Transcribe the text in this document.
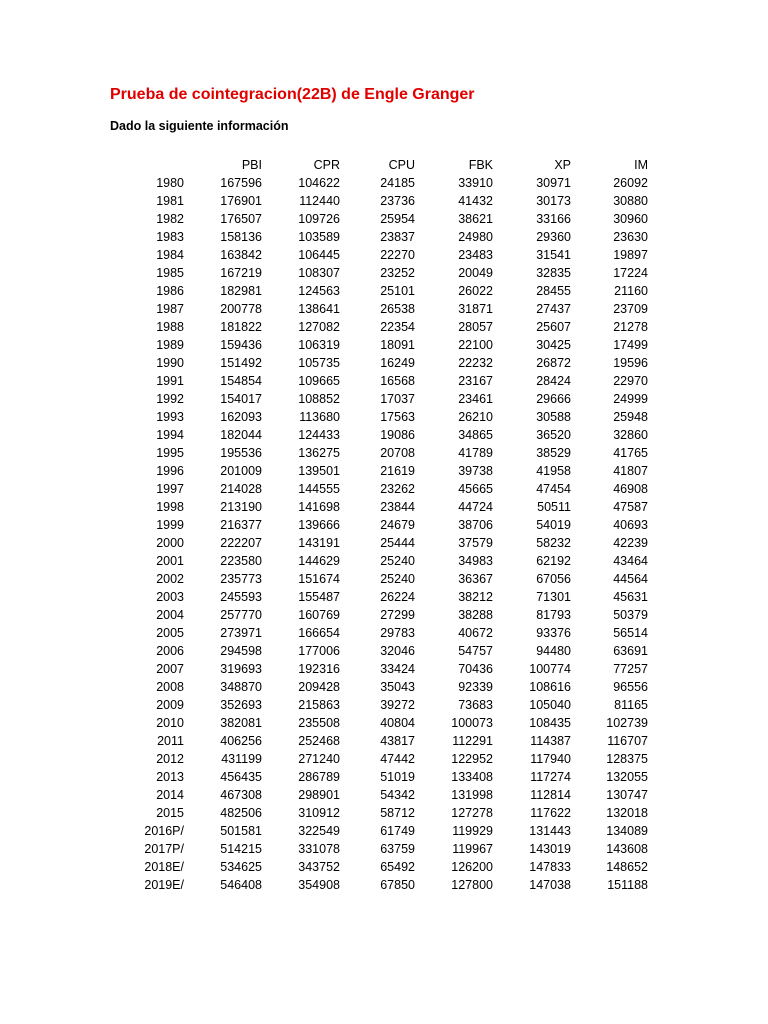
Prueba de cointegracion(22B) de Engle Granger

Dado la siguiente información

	PBI	CPR	CPU	FBK	XP	IM
1980	167596	104622	24185	33910	30971	26092
1981	176901	112440	23736	41432	30173	30880
1982	176507	109726	25954	38621	33166	30960
1983	158136	103589	23837	24980	29360	23630
1984	163842	106445	22270	23483	31541	19897
1985	167219	108307	23252	20049	32835	17224
1986	182981	124563	25101	26022	28455	21160
1987	200778	138641	26538	31871	27437	23709
1988	181822	127082	22354	28057	25607	21278
1989	159436	106319	18091	22100	30425	17499
1990	151492	105735	16249	22232	26872	19596
1991	154854	109665	16568	23167	28424	22970
1992	154017	108852	17037	23461	29666	24999
1993	162093	113680	17563	26210	30588	25948
1994	182044	124433	19086	34865	36520	32860
1995	195536	136275	20708	41789	38529	41765
1996	201009	139501	21619	39738	41958	41807
1997	214028	144555	23262	45665	47454	46908
1998	213190	141698	23844	44724	50511	47587
1999	216377	139666	24679	38706	54019	40693
2000	222207	143191	25444	37579	58232	42239
2001	223580	144629	25240	34983	62192	43464
2002	235773	151674	25240	36367	67056	44564
2003	245593	155487	26224	38212	71301	45631
2004	257770	160769	27299	38288	81793	50379
2005	273971	166654	29783	40672	93376	56514
2006	294598	177006	32046	54757	94480	63691
2007	319693	192316	33424	70436	100774	77257
2008	348870	209428	35043	92339	108616	96556
2009	352693	215863	39272	73683	105040	81165
2010	382081	235508	40804	100073	108435	102739
2011	406256	252468	43817	112291	114387	116707
2012	431199	271240	47442	122952	117940	128375
2013	456435	286789	51019	133408	117274	132055
2014	467308	298901	54342	131998	112814	130747
2015	482506	310912	58712	127278	117622	132018
2016P/	501581	322549	61749	119929	131443	134089
2017P/	514215	331078	63759	119967	143019	143608
2018E/	534625	343752	65492	126200	147833	148652
2019E/	546408	354908	67850	127800	147038	151188
